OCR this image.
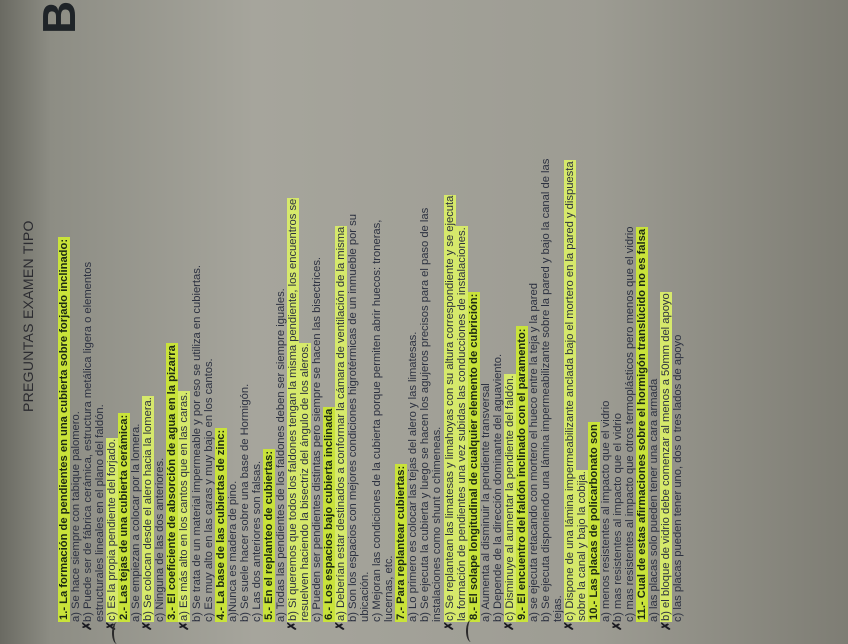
PREGUNTAS EXAMEN TIPO
B
1.- La formación de pendientes en una cubierta sobre forjado inclinado: a) Se hace siempre con tabique palomero. b) Puede ser de fábrica cerámica, estructura metálica ligera o elementos estructurales lineales en el plano del faldón. c) Es la propia pendiente del forjado. 2.- Las tejas de una cubierta cerámica: a) Se empiezan a colocar por la lomera. b) Se colocan desde el alero hacia la lomera. c) Ninguna de las dos anteriores. 3.- El coeficiente de absorción de agua en la pizarra a) Es más alto en los cantos que en las caras. b) Se trata de un material impermeable y por eso se utiliza en cubiertas. c) Es muy alto en las caras y muy bajo en los cantos. 4.- La base de las cubiertas de zinc: a)Nunca es madera de pino. b) Se suele hacer sobre una base de Hormigón. c) Las dos anteriores son falsas. 5.- En el replanteo de cubiertas: a) Todas las pendientes de los faldones deben ser siempre iguales. b) Si queremos que todos los faldones tengan la misma pendiente, los encuentros se resuelven haciendo la bisectriz del ángulo de los aleros. c) Pueden ser pendientes distintas pero siempre se hacen las bisectrices. 6.- Los espacios bajo cubierta inclinada a) Deberían estar destinados a conformar la cámara de ventilación de la misma b) Son los espacios con mejores condiciones higrotérmicas de un inmueble por su ubicación. c) Mejoran las condiciones de la cubierta porque permiten abrir huecos: troneras, lucernas, etc. 7.- Para replantear cubiertas: a) Lo primero es colocar las tejas del alero y las limatesas. b) Se ejecuta la cubierta y luego se hacen los agujeros precisos para el paso de las instalaciones como shunt o chimeneas. c) Se replantean las limatesas y limahoyas con su altura correspondiente y se ejecuta la formación de pendientes una vez subidas las conducciones de instalaciones. 8.- El solape longitudinal de cualquier elemento de cubrición: a) Aumenta al disminuir la pendiente transversal b) Depende de la dirección dominante del aguaviento. c) Disminuye al aumentar la pendiente del faldón. 9.- El encuentro del faldón inclinado con el paramento: a) se ejecuta retacando con mortero el hueco entre la teja y la pared b) Se ejecuta disponiendo una lámina impermeabilizante sobre la pared y bajo la canal de las tejas. c) Dispone de una lámina impermeabilizante anclada bajo el mortero en la pared y dispuesta sobre la canal y bajo la cobija. 10.- Las placas de policarbonato son a) menos resistentes al impacto que el vidrio b) mas resistentes al impacto que el vidrio c) mas resistentes al impacto que otros termoplásticos pero menos que el vidrio 11.- Cual de estas afirmaciones sobre el hormigón translúcido no es falsa a) las placas solo pueden tener una cara armada b) el bloque de vidrio debe comenzar al menos a 50mm del apoyo c) las placas pueden tener uno, dos o tres lados de apoyo
✗ ✗ ✗ ✗	✗	✗	✗	✗	✗	✗	✗
